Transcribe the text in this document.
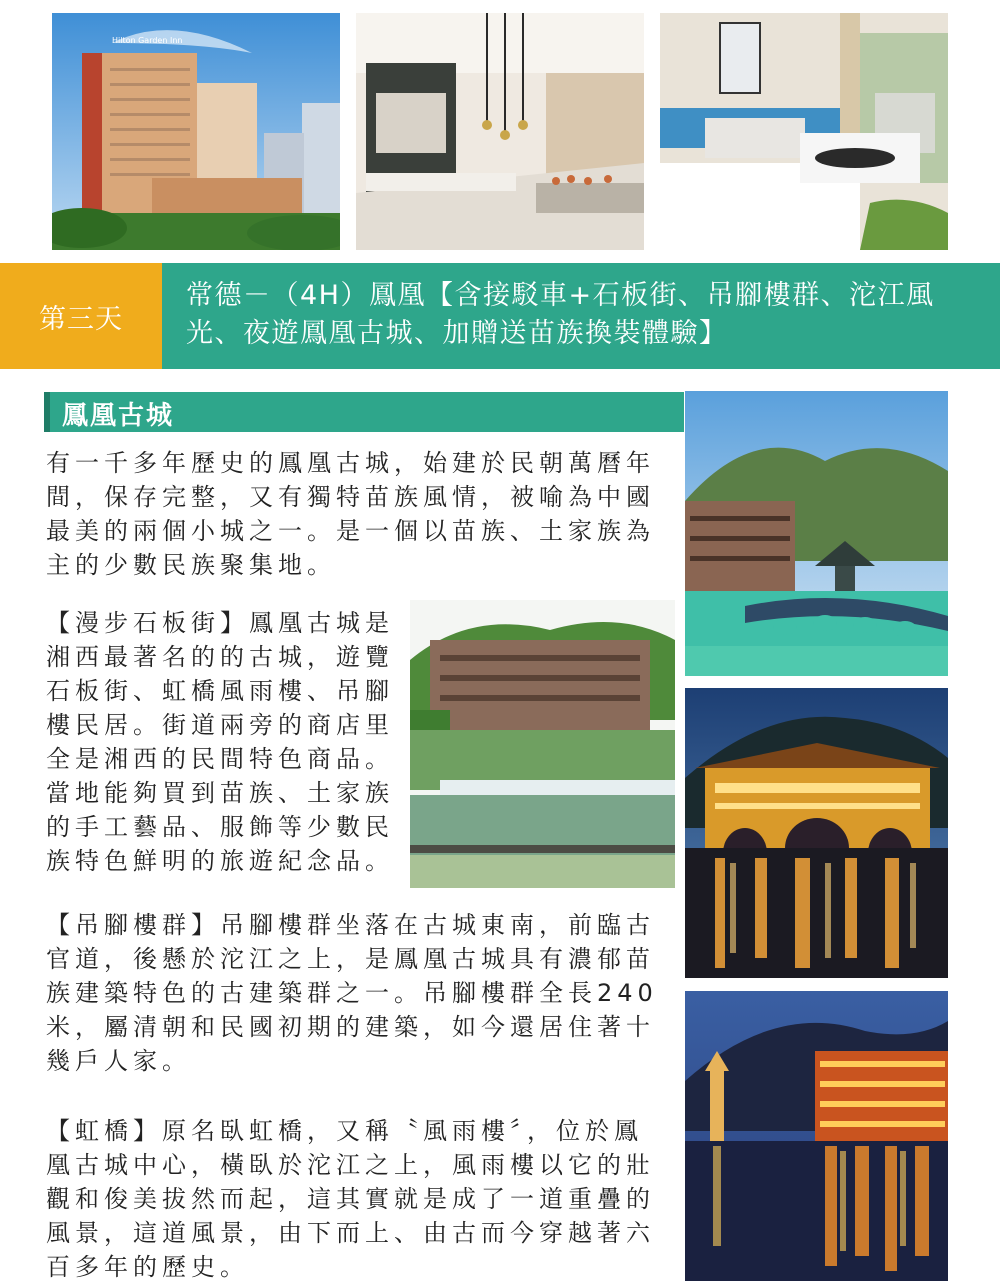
Hilton Garden Inn
第三天
常德－（4H）鳳凰【含接駁車+石板街、吊腳樓群、沱江風光、夜遊鳳凰古城、加贈送苗族換裝體驗】
鳳凰古城
有一千多年歷史的鳳凰古城，始建於民朝萬曆年間，保存完整，又有獨特苗族風情，被喻為中國最美的兩個小城之一。是一個以苗族、土家族為主的少數民族聚集地。
【漫步石板街】鳳凰古城是湘西最著名的的古城，遊覽石板街、虹橋風雨樓、吊腳樓民居。街道兩旁的商店里全是湘西的民間特色商品。當地能夠買到苗族、土家族的手工藝品、服飾等少數民族特色鮮明的旅遊紀念品。
【吊腳樓群】吊腳樓群坐落在古城東南，前臨古官道，後懸於沱江之上，是鳳凰古城具有濃郁苗族建築特色的古建築群之一。吊腳樓群全長240米，屬清朝和民國初期的建築，如今還居住著十幾戶人家。
【虹橋】原名臥虹橋，又稱〝風雨樓〞，位於鳳凰古城中心，橫臥於沱江之上，風雨樓以它的壯觀和俊美拔然而起，這其實就是成了一道重疊的風景，這道風景，由下而上、由古而今穿越著六百多年的歷史。
